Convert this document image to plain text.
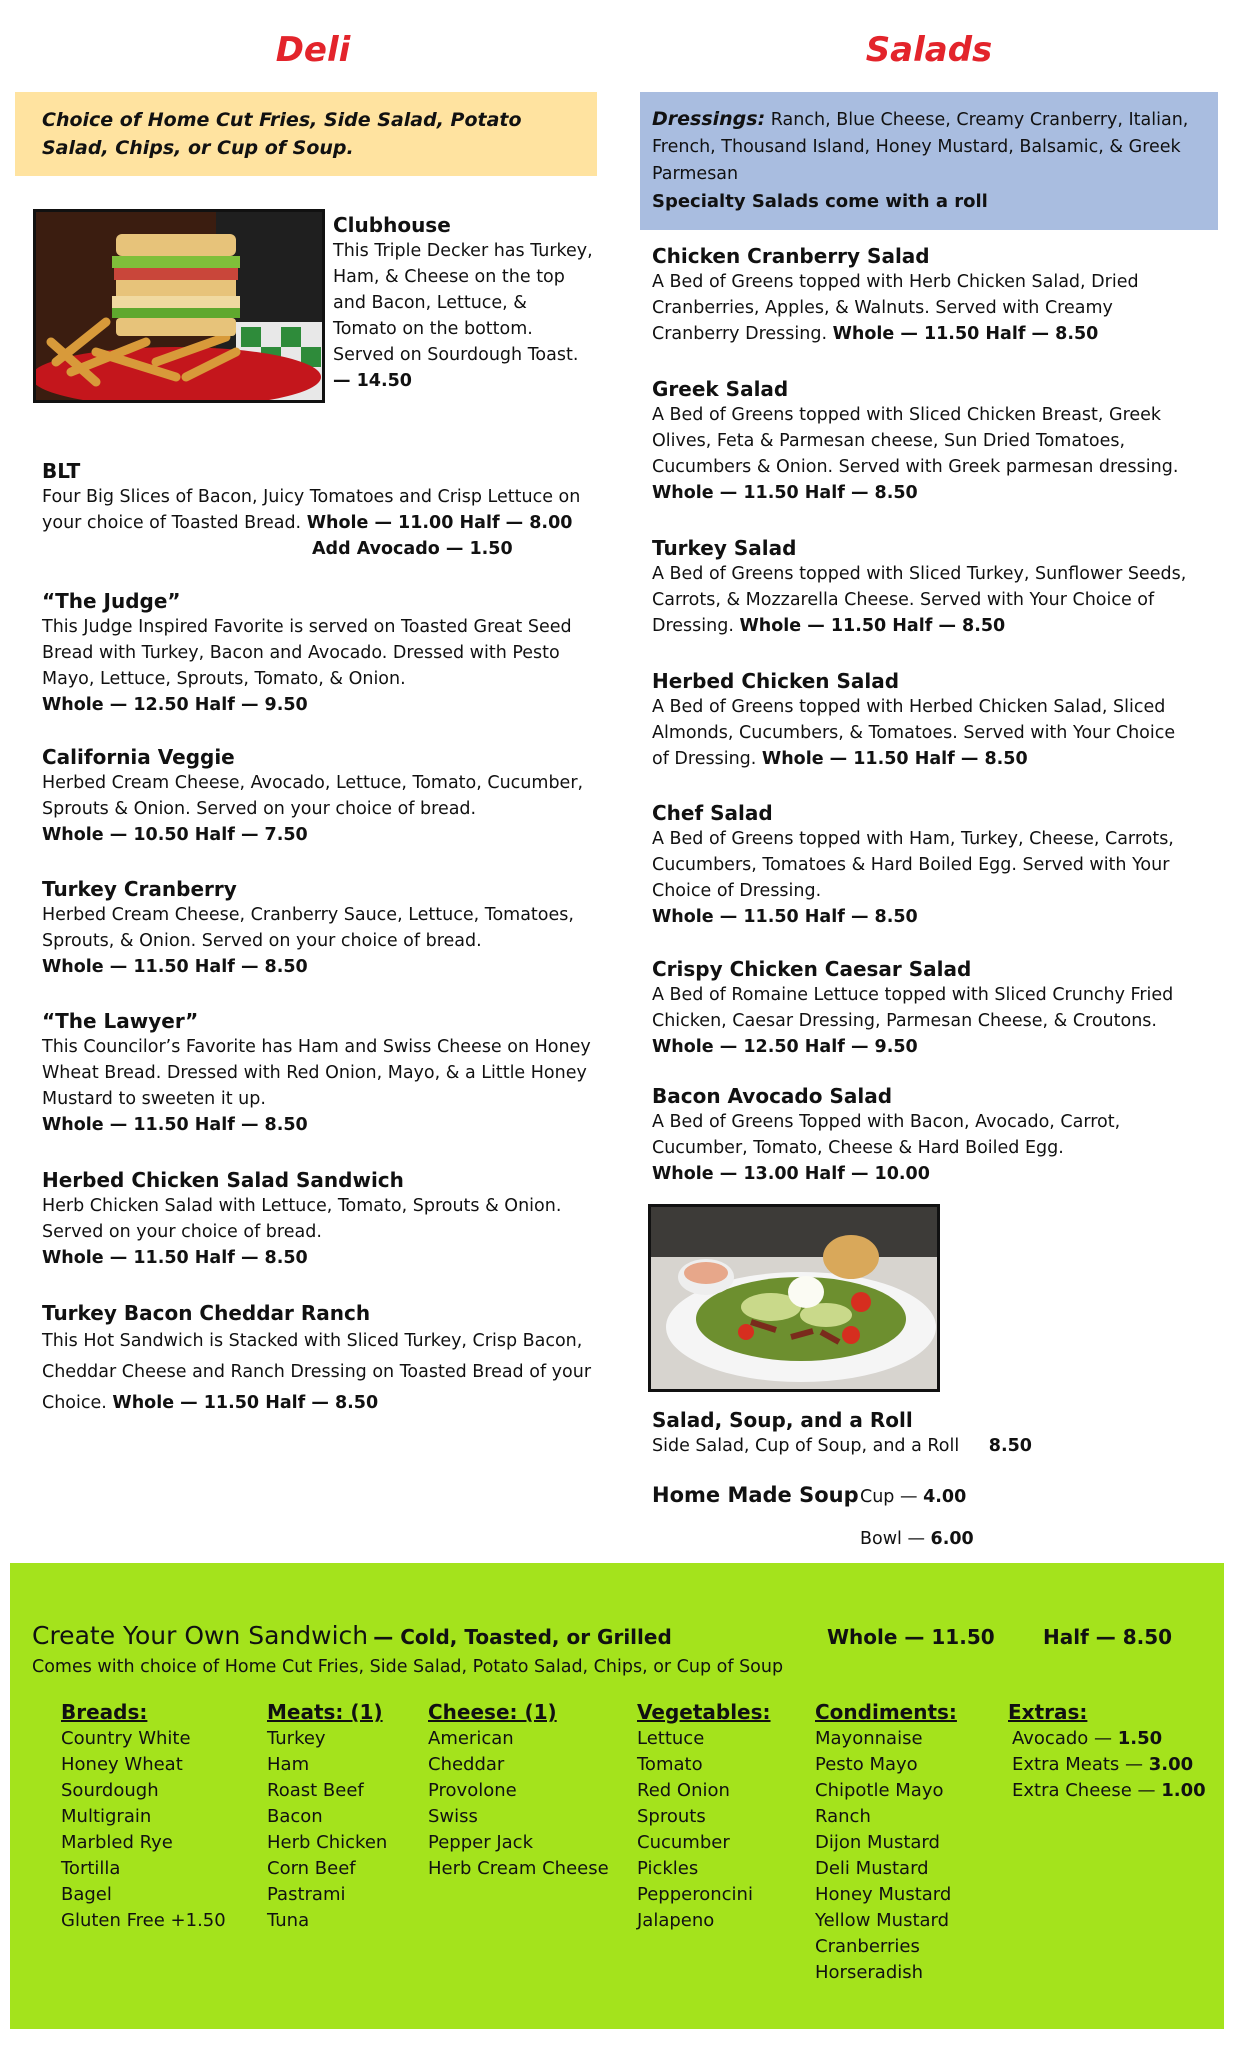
Deli
Choice of Home Cut Fries, Side Salad, Potato Salad, Chips, or Cup of Soup.
Clubhouse
This Triple Decker has Turkey, Ham, & Cheese on the top and Bacon, Lettuce, & Tomato on the bottom. Served on Sourdough Toast.
— 14.50
BLT
Four Big Slices of Bacon, Juicy Tomatoes and Crisp Lettuce on your choice of Toasted Bread. Whole — 11.00 Half — 8.00
Add Avocado — 1.50
“The Judge”
This Judge Inspired Favorite is served on Toasted Great Seed Bread with Turkey, Bacon and Avocado. Dressed with Pesto Mayo, Lettuce, Sprouts, Tomato, & Onion.
Whole — 12.50 Half — 9.50
California Veggie
Herbed Cream Cheese, Avocado, Lettuce, Tomato, Cucumber, Sprouts & Onion. Served on your choice of bread.
Whole — 10.50 Half — 7.50
Turkey Cranberry
Herbed Cream Cheese, Cranberry Sauce, Lettuce, Tomatoes, Sprouts, & Onion. Served on your choice of bread.
Whole — 11.50 Half — 8.50
“The Lawyer”
This Councilor’s Favorite has Ham and Swiss Cheese on Honey Wheat Bread. Dressed with Red Onion, Mayo, & a Little Honey Mustard to sweeten it up.
Whole — 11.50 Half — 8.50
Herbed Chicken Salad Sandwich
Herb Chicken Salad with Lettuce, Tomato, Sprouts & Onion. Served on your choice of bread.
Whole — 11.50 Half — 8.50
Turkey Bacon Cheddar Ranch
This Hot Sandwich is Stacked with Sliced Turkey, Crisp Bacon, Cheddar Cheese and Ranch Dressing on Toasted Bread of your Choice. Whole — 11.50 Half — 8.50
Salads
Dressings: Ranch, Blue Cheese, Creamy Cranberry, Italian, French, Thousand Island, Honey Mustard, Balsamic, & Greek Parmesan
Specialty Salads come with a roll
Chicken Cranberry Salad
A Bed of Greens topped with Herb Chicken Salad, Dried Cranberries, Apples, & Walnuts. Served with Creamy Cranberry Dressing. Whole — 11.50 Half — 8.50
Greek Salad
A Bed of Greens topped with Sliced Chicken Breast, Greek Olives, Feta & Parmesan cheese, Sun Dried Tomatoes, Cucumbers & Onion. Served with Greek parmesan dressing.
Whole — 11.50 Half — 8.50
Turkey Salad
A Bed of Greens topped with Sliced Turkey, Sunflower Seeds, Carrots, & Mozzarella Cheese. Served with Your Choice of Dressing. Whole — 11.50 Half — 8.50
Herbed Chicken Salad
A Bed of Greens topped with Herbed Chicken Salad, Sliced Almonds, Cucumbers, & Tomatoes. Served with Your Choice of Dressing. Whole — 11.50 Half — 8.50
Chef Salad
A Bed of Greens topped with Ham, Turkey, Cheese, Carrots, Cucumbers, Tomatoes & Hard Boiled Egg. Served with Your Choice of Dressing.
Whole — 11.50 Half — 8.50
Crispy Chicken Caesar Salad
A Bed of Romaine Lettuce topped with Sliced Crunchy Fried Chicken, Caesar Dressing, Parmesan Cheese, & Croutons.
Whole — 12.50 Half — 9.50
Bacon Avocado Salad
A Bed of Greens Topped with Bacon, Avocado, Carrot, Cucumber, Tomato, Cheese & Hard Boiled Egg.
Whole — 13.00 Half — 10.00
Salad, Soup, and a Roll
Side Salad, Cup of Soup, and a Roll 8.50
Home Made Soup Cup — 4.00
Bowl — 6.00
Create Your Own Sandwich — Cold, Toasted, or Grilled	Whole — 11.50 Half — 8.50
Comes with choice of Home Cut Fries, Side Salad, Potato Salad, Chips, or Cup of Soup
Breads:
Country White
Honey Wheat
Sourdough
Multigrain
Marbled Rye
Tortilla
Bagel
Gluten Free +1.50
Meats: (1)
Turkey
Ham
Roast Beef
Bacon
Herb Chicken
Corn Beef
Pastrami
Tuna
Cheese: (1)
American
Cheddar
Provolone
Swiss
Pepper Jack
Herb Cream Cheese
Vegetables:
Lettuce
Tomato
Red Onion
Sprouts
Cucumber
Pickles
Pepperoncini
Jalapeno
Condiments:
Mayonnaise
Pesto Mayo
Chipotle Mayo
Ranch
Dijon Mustard
Deli Mustard
Honey Mustard
Yellow Mustard
Cranberries
Horseradish
Extras:
Avocado — 1.50
Extra Meats — 3.00
Extra Cheese — 1.00
